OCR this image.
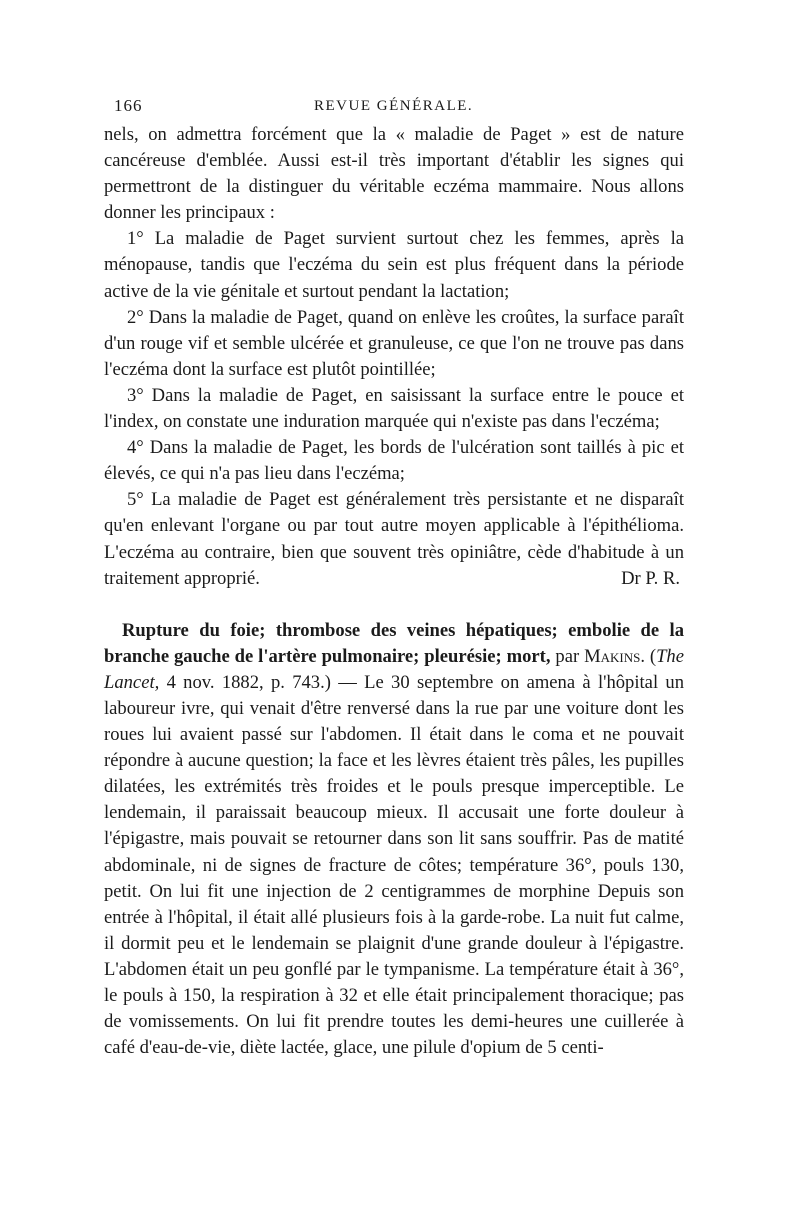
166	REVUE GÉNÉRALE.

nels, on admettra forcément que la « maladie de Paget » est de nature cancéreuse d'emblée. Aussi est-il très important d'établir les signes qui permettront de la distinguer du véritable eczéma mammaire. Nous allons donner les principaux :

1° La maladie de Paget survient surtout chez les femmes, après la ménopause, tandis que l'eczéma du sein est plus fréquent dans la période active de la vie génitale et surtout pendant la lactation;

2° Dans la maladie de Paget, quand on enlève les croûtes, la surface paraît d'un rouge vif et semble ulcérée et granuleuse, ce que l'on ne trouve pas dans l'eczéma dont la surface est plutôt pointillée;

3° Dans la maladie de Paget, en saisissant la surface entre le pouce et l'index, on constate une induration marquée qui n'existe pas dans l'eczéma;

4° Dans la maladie de Paget, les bords de l'ulcération sont taillés à pic et élevés, ce qui n'a pas lieu dans l'eczéma;

5° La maladie de Paget est généralement très persistante et ne disparaît qu'en enlevant l'organe ou par tout autre moyen applicable à l'épithélioma. L'eczéma au contraire, bien que souvent très opiniâtre, cède d'habitude à un traitement approprié.	Dr P. R.

Rupture du foie; thrombose des veines hépatiques; embolie de la branche gauche de l'artère pulmonaire; pleurésie; mort, par Makins. (The Lancet, 4 nov. 1882, p. 743.) — Le 30 septembre on amena à l'hôpital un laboureur ivre, qui venait d'être renversé dans la rue par une voiture dont les roues lui avaient passé sur l'abdomen. Il était dans le coma et ne pouvait répondre à aucune question; la face et les lèvres étaient très pâles, les pupilles dilatées, les extrémités très froides et le pouls presque imperceptible. Le lendemain, il paraissait beaucoup mieux. Il accusait une forte douleur à l'épigastre, mais pouvait se retourner dans son lit sans souffrir. Pas de matité abdominale, ni de signes de fracture de côtes; température 36°, pouls 130, petit. On lui fit une injection de 2 centigrammes de morphine Depuis son entrée à l'hôpital, il était allé plusieurs fois à la garde-robe. La nuit fut calme, il dormit peu et le lendemain se plaignit d'une grande douleur à l'épigastre. L'abdomen était un peu gonflé par le tympanisme. La température était à 36°, le pouls à 150, la respiration à 32 et elle était principalement thoracique; pas de vomissements. On lui fit prendre toutes les demi-heures une cuillerée à café d'eau-de-vie, diète lactée, glace, une pilule d'opium de 5 centi-
